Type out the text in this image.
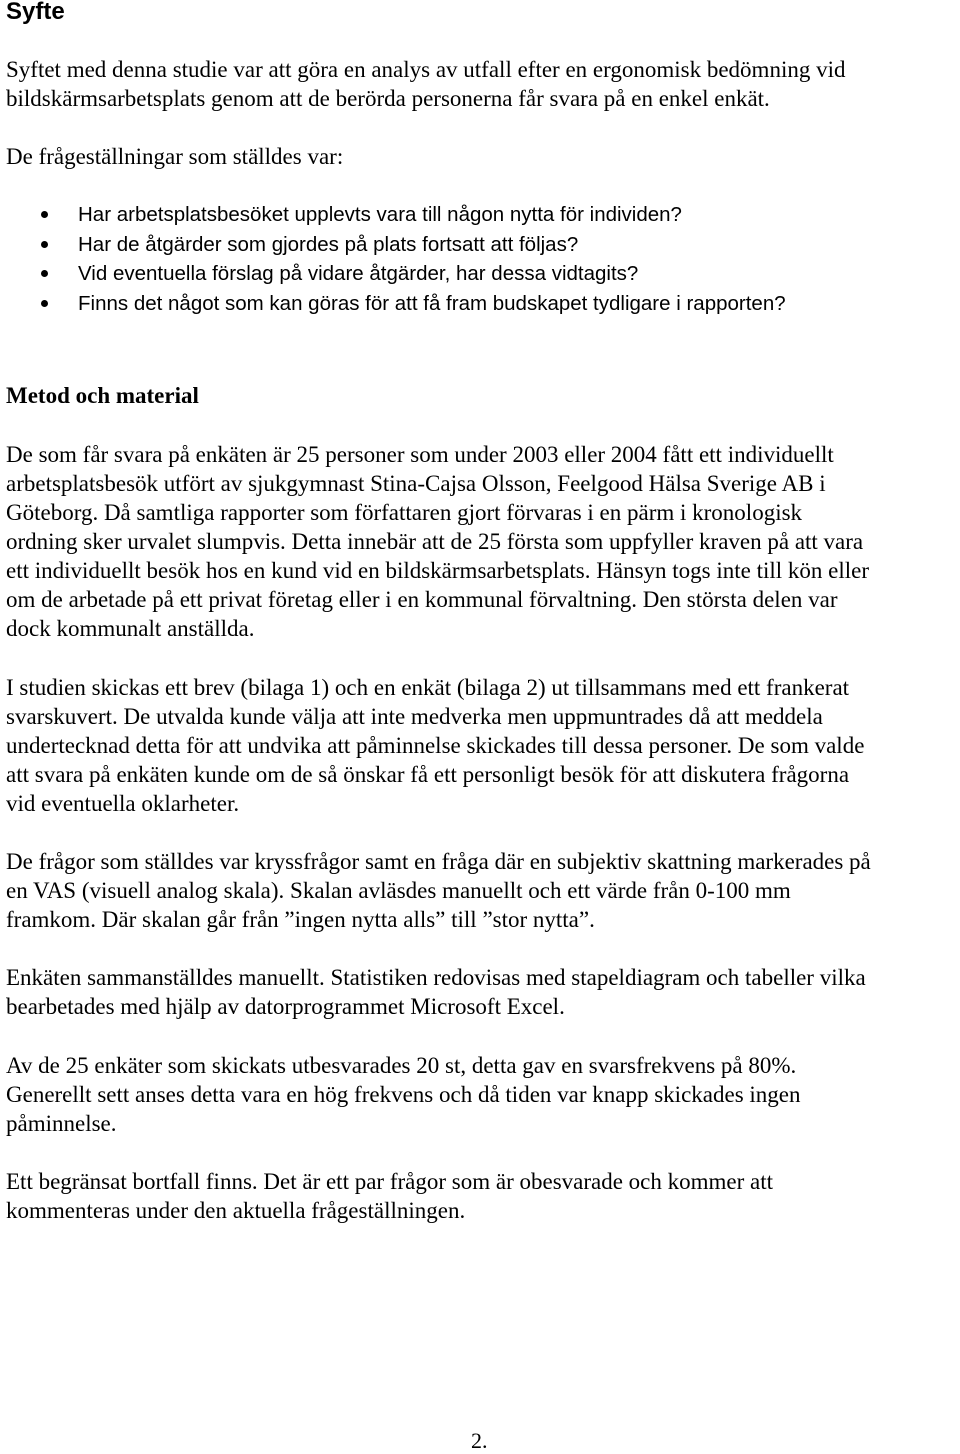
Syfte

Syftet med denna studie var att göra en analys av utfall efter en ergonomisk bedömning vid
bildskärmsarbetsplats genom att de berörda personerna får svara på en enkel enkät.

De frågeställningar som ställdes var:

Har arbetsplatsbesöket upplevts vara till någon nytta för individen?
Har de åtgärder som gjordes på plats fortsatt att följas?
Vid eventuella förslag på vidare åtgärder, har dessa vidtagits?
Finns det något som kan göras för att få fram budskapet tydligare i rapporten?
Metod och material

De som får svara på enkäten är 25 personer som under 2003 eller 2004 fått ett individuellt
arbetsplatsbesök utfört av sjukgymnast Stina-Cajsa Olsson, Feelgood Hälsa Sverige AB i
Göteborg. Då samtliga rapporter som författaren gjort förvaras i en pärm i kronologisk
ordning sker urvalet slumpvis. Detta innebär att de 25 första som uppfyller kraven på att vara
ett individuellt besök hos en kund vid en bildskärmsarbetsplats. Hänsyn togs inte till kön eller
om de arbetade på ett privat företag eller i en kommunal förvaltning. Den största delen var
dock kommunalt anställda.

I studien skickas ett brev (bilaga 1) och en enkät (bilaga 2) ut tillsammans med ett frankerat
svarskuvert. De utvalda kunde välja att inte medverka men uppmuntrades då att meddela
undertecknad detta för att undvika att påminnelse skickades till dessa personer. De som valde
att svara på enkäten kunde om de så önskar få ett personligt besök för att diskutera frågorna
vid eventuella oklarheter.

De frågor som ställdes var kryssfrågor samt en fråga där en subjektiv skattning markerades på
en VAS (visuell analog skala). Skalan avläsdes manuellt och ett värde från 0-100 mm
framkom. Där skalan går från ”ingen nytta alls” till ”stor nytta”.

Enkäten sammanställdes manuellt. Statistiken redovisas med stapeldiagram och tabeller vilka
bearbetades med hjälp av datorprogrammet Microsoft Excel.

Av de 25 enkäter som skickats utbesvarades 20 st, detta gav en svarsfrekvens på 80%.
Generellt sett anses detta vara en hög frekvens och då tiden var knapp skickades ingen
påminnelse.

Ett begränsat bortfall finns. Det är ett par frågor som är obesvarade och kommer att
kommenteras under den aktuella frågeställningen.

2.
